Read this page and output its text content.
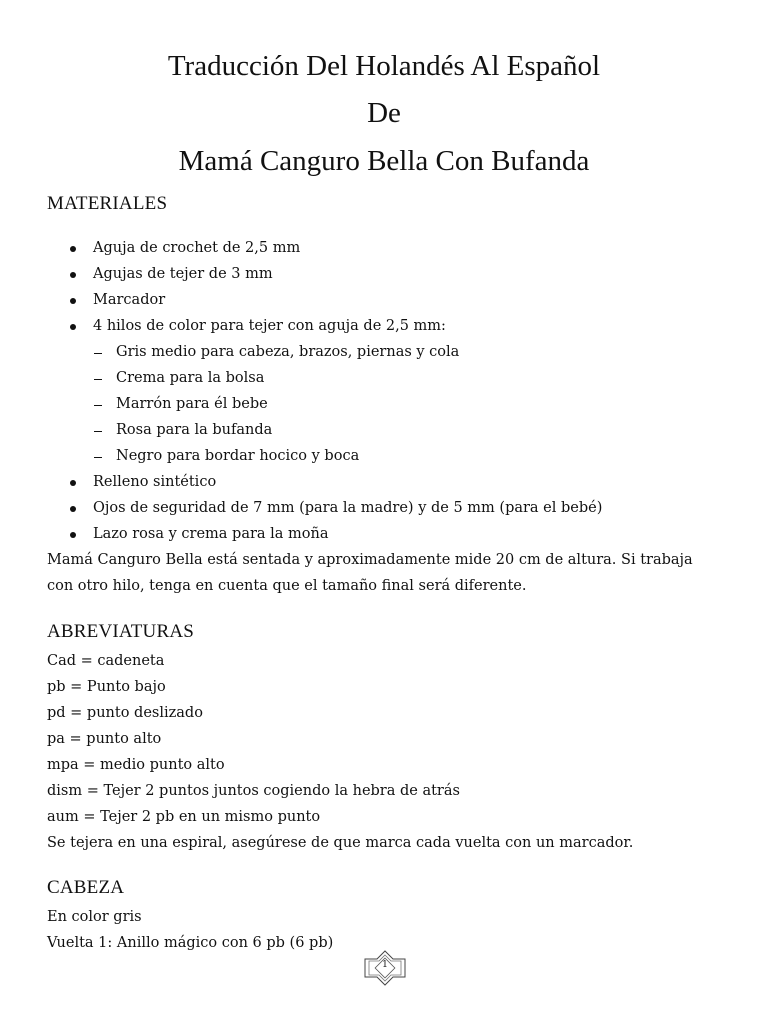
Traducción Del Holandés Al Español
De
Mamá Canguro Bella Con Bufanda
MATERIALES
Aguja de crochet de 2,5 mm
Agujas de tejer de 3 mm
Marcador
4 hilos de color para tejer con aguja de 2,5 mm:
Gris medio para cabeza, brazos, piernas y cola
Crema para la bolsa
Marrón para él bebe
Rosa para la bufanda
Negro para bordar hocico y boca
Relleno sintético
Ojos de seguridad de 7 mm (para la madre) y de 5 mm (para el bebé)
Lazo rosa y crema para la moña
Mamá Canguro Bella está sentada y aproximadamente mide 20 cm de altura. Si trabaja
con otro hilo, tenga en cuenta que el tamaño final será diferente.
ABREVIATURAS
Cad = cadeneta
pb = Punto bajo
pd = punto deslizado
pa = punto alto
mpa = medio punto alto
dism = Tejer 2 puntos juntos cogiendo la hebra de atrás
aum = Tejer 2 pb en un mismo punto
Se tejera en una espiral, asegúrese de que marca cada vuelta con un marcador.
CABEZA
En color gris
Vuelta 1: Anillo mágico con 6 pb (6 pb)
1
